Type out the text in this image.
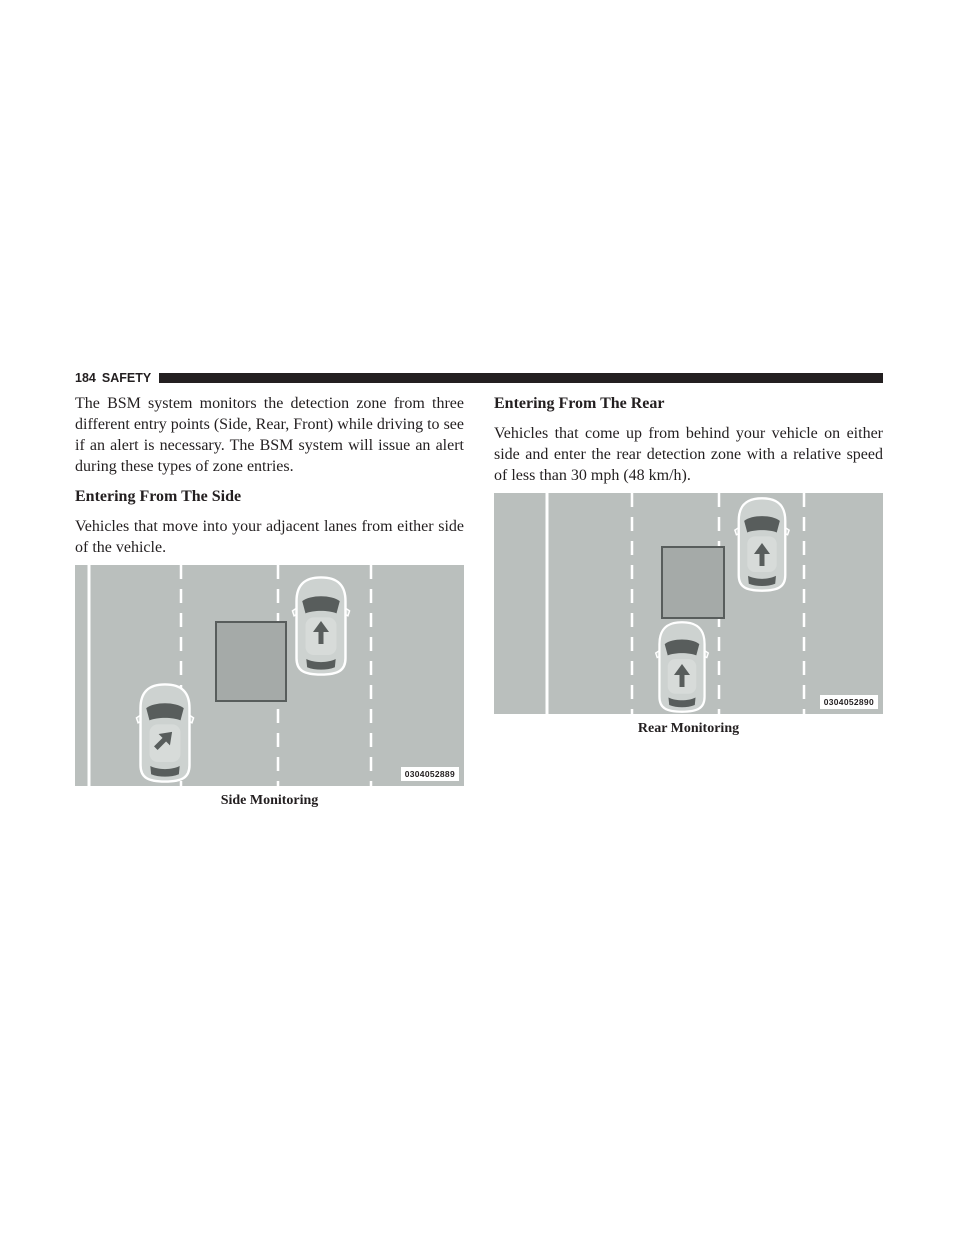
184 SAFETY

The BSM system monitors the detection zone from three different entry points (Side, Rear, Front) while driving to see if an alert is necessary. The BSM system will issue an alert during these types of zone entries.

Entering From The Side

Vehicles that move into your adjacent lanes from either side of the vehicle.

0304052889
Side Monitoring
Entering From The Rear

Vehicles that come up from behind your vehicle on either side and enter the rear detection zone with a relative speed of less than 30 mph (48 km/h).

0304052890
Rear Monitoring
